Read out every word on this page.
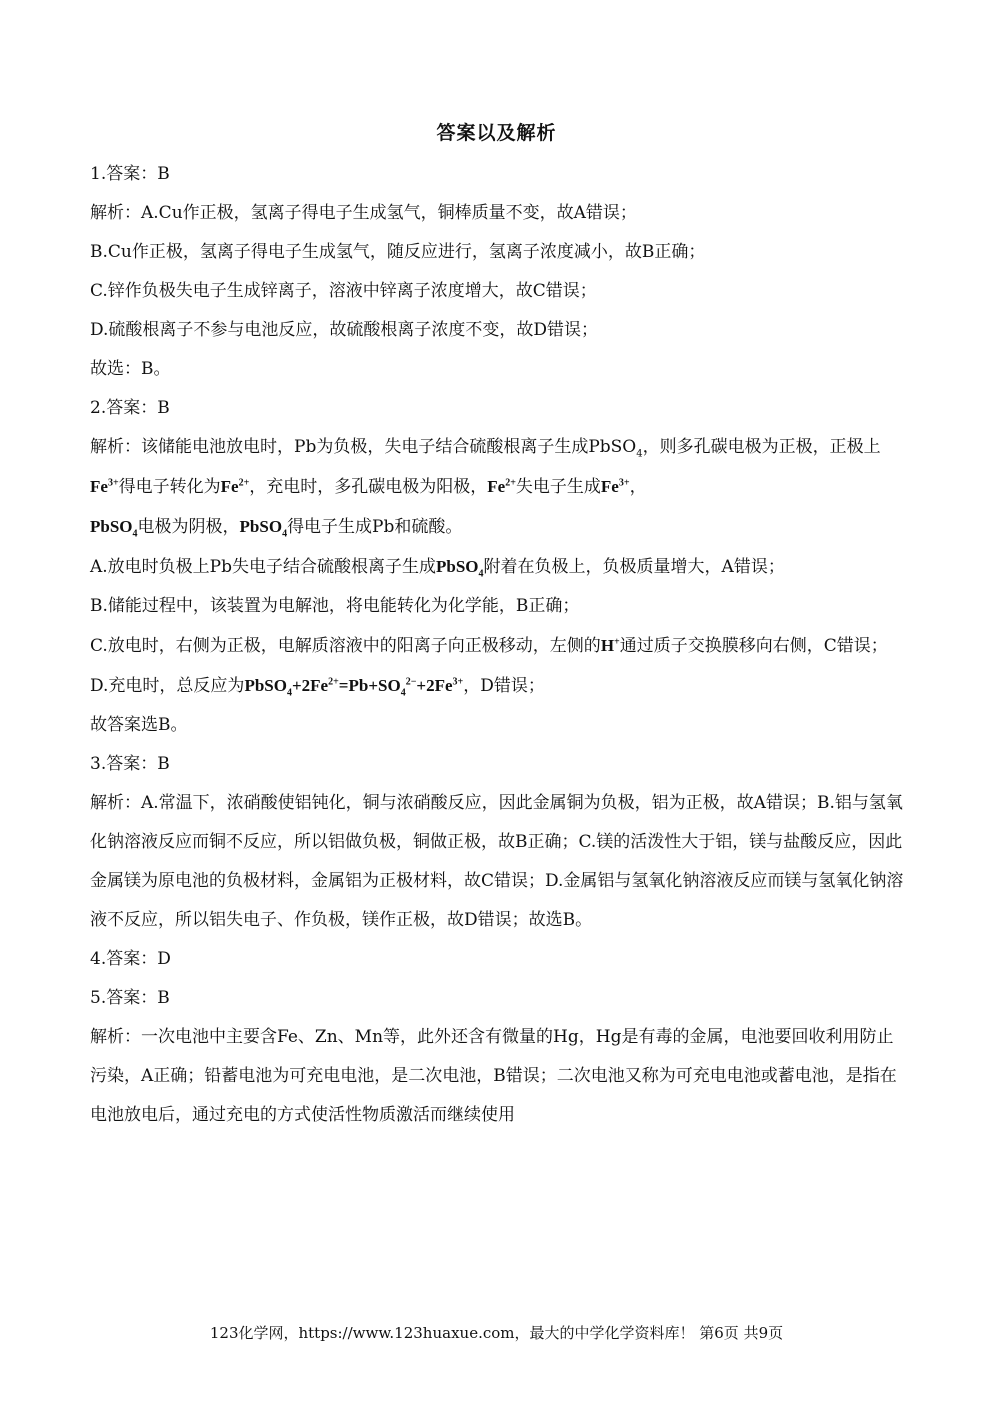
答案以及解析

1.答案：B

解析：A.Cu作正极，氢离子得电子生成氢气，铜棒质量不变，故A错误；

B.Cu作正极，氢离子得电子生成氢气，随反应进行，氢离子浓度减小，故B正确；

C.锌作负极失电子生成锌离子，溶液中锌离子浓度增大，故C错误；

D.硫酸根离子不参与电池反应，故硫酸根离子浓度不变，故D错误；

故选：B。

2.答案：B

解析：该储能电池放电时，Pb为负极，失电子结合硫酸根离子生成PbSO$_4$，则多孔碳电极为正极，正极上$Fe^{3+}$得电子转化为$Fe^{2+}$，充电时，多孔碳电极为阳极，$Fe^{2+}$失电子生成$Fe^{3+}$，
PbSO$_4$电极为阴极，PbSO$_4$得电子生成Pb和硫酸。

A.放电时负极上Pb失电子结合硫酸根离子生成PbSO$_4$附着在负极上，负极质量增大，A错误；

B.储能过程中，该装置为电解池，将电能转化为化学能，B正确；

C.放电时，右侧为正极，电解质溶液中的阳离子向正极移动，左侧的H+通过质子交换膜移向右侧，C错误；

D.充电时，总反应为$PbSO_4+2Fe^{2+}=Pb+SO_4^{2-}+2Fe^{3+}$，D错误；

故答案选B。

3.答案：B

解析：A.常温下，浓硝酸使铝钝化，铜与浓硝酸反应，因此金属铜为负极，铝为正极，故A错误；B.铝与氢氧化钠溶液反应而铜不反应，所以铝做负极，铜做正极，故B正确；C.镁的活泼性大于铝，镁与盐酸反应，因此金属镁为原电池的负极材料，金属铝为正极材料，故C错误；D.金属铝与氢氧化钠溶液反应而镁与氢氧化钠溶液不反应，所以铝失电子、作负极，镁作正极，故D错误；故选B。

4.答案：D

5.答案：B

解析：一次电池中主要含Fe、Zn、Mn等，此外还含有微量的Hg，Hg是有毒的金属，电池要回收利用防止污染，A正确；铅蓄电池为可充电电池，是二次电池，B错误；二次电池又称为可充电电池或蓄电池，是指在电池放电后，通过充电的方式使活性物质激活而继续使用

123化学网，https://www.123huaxue.com，最大的中学化学资料库！ 第6页 共9页
